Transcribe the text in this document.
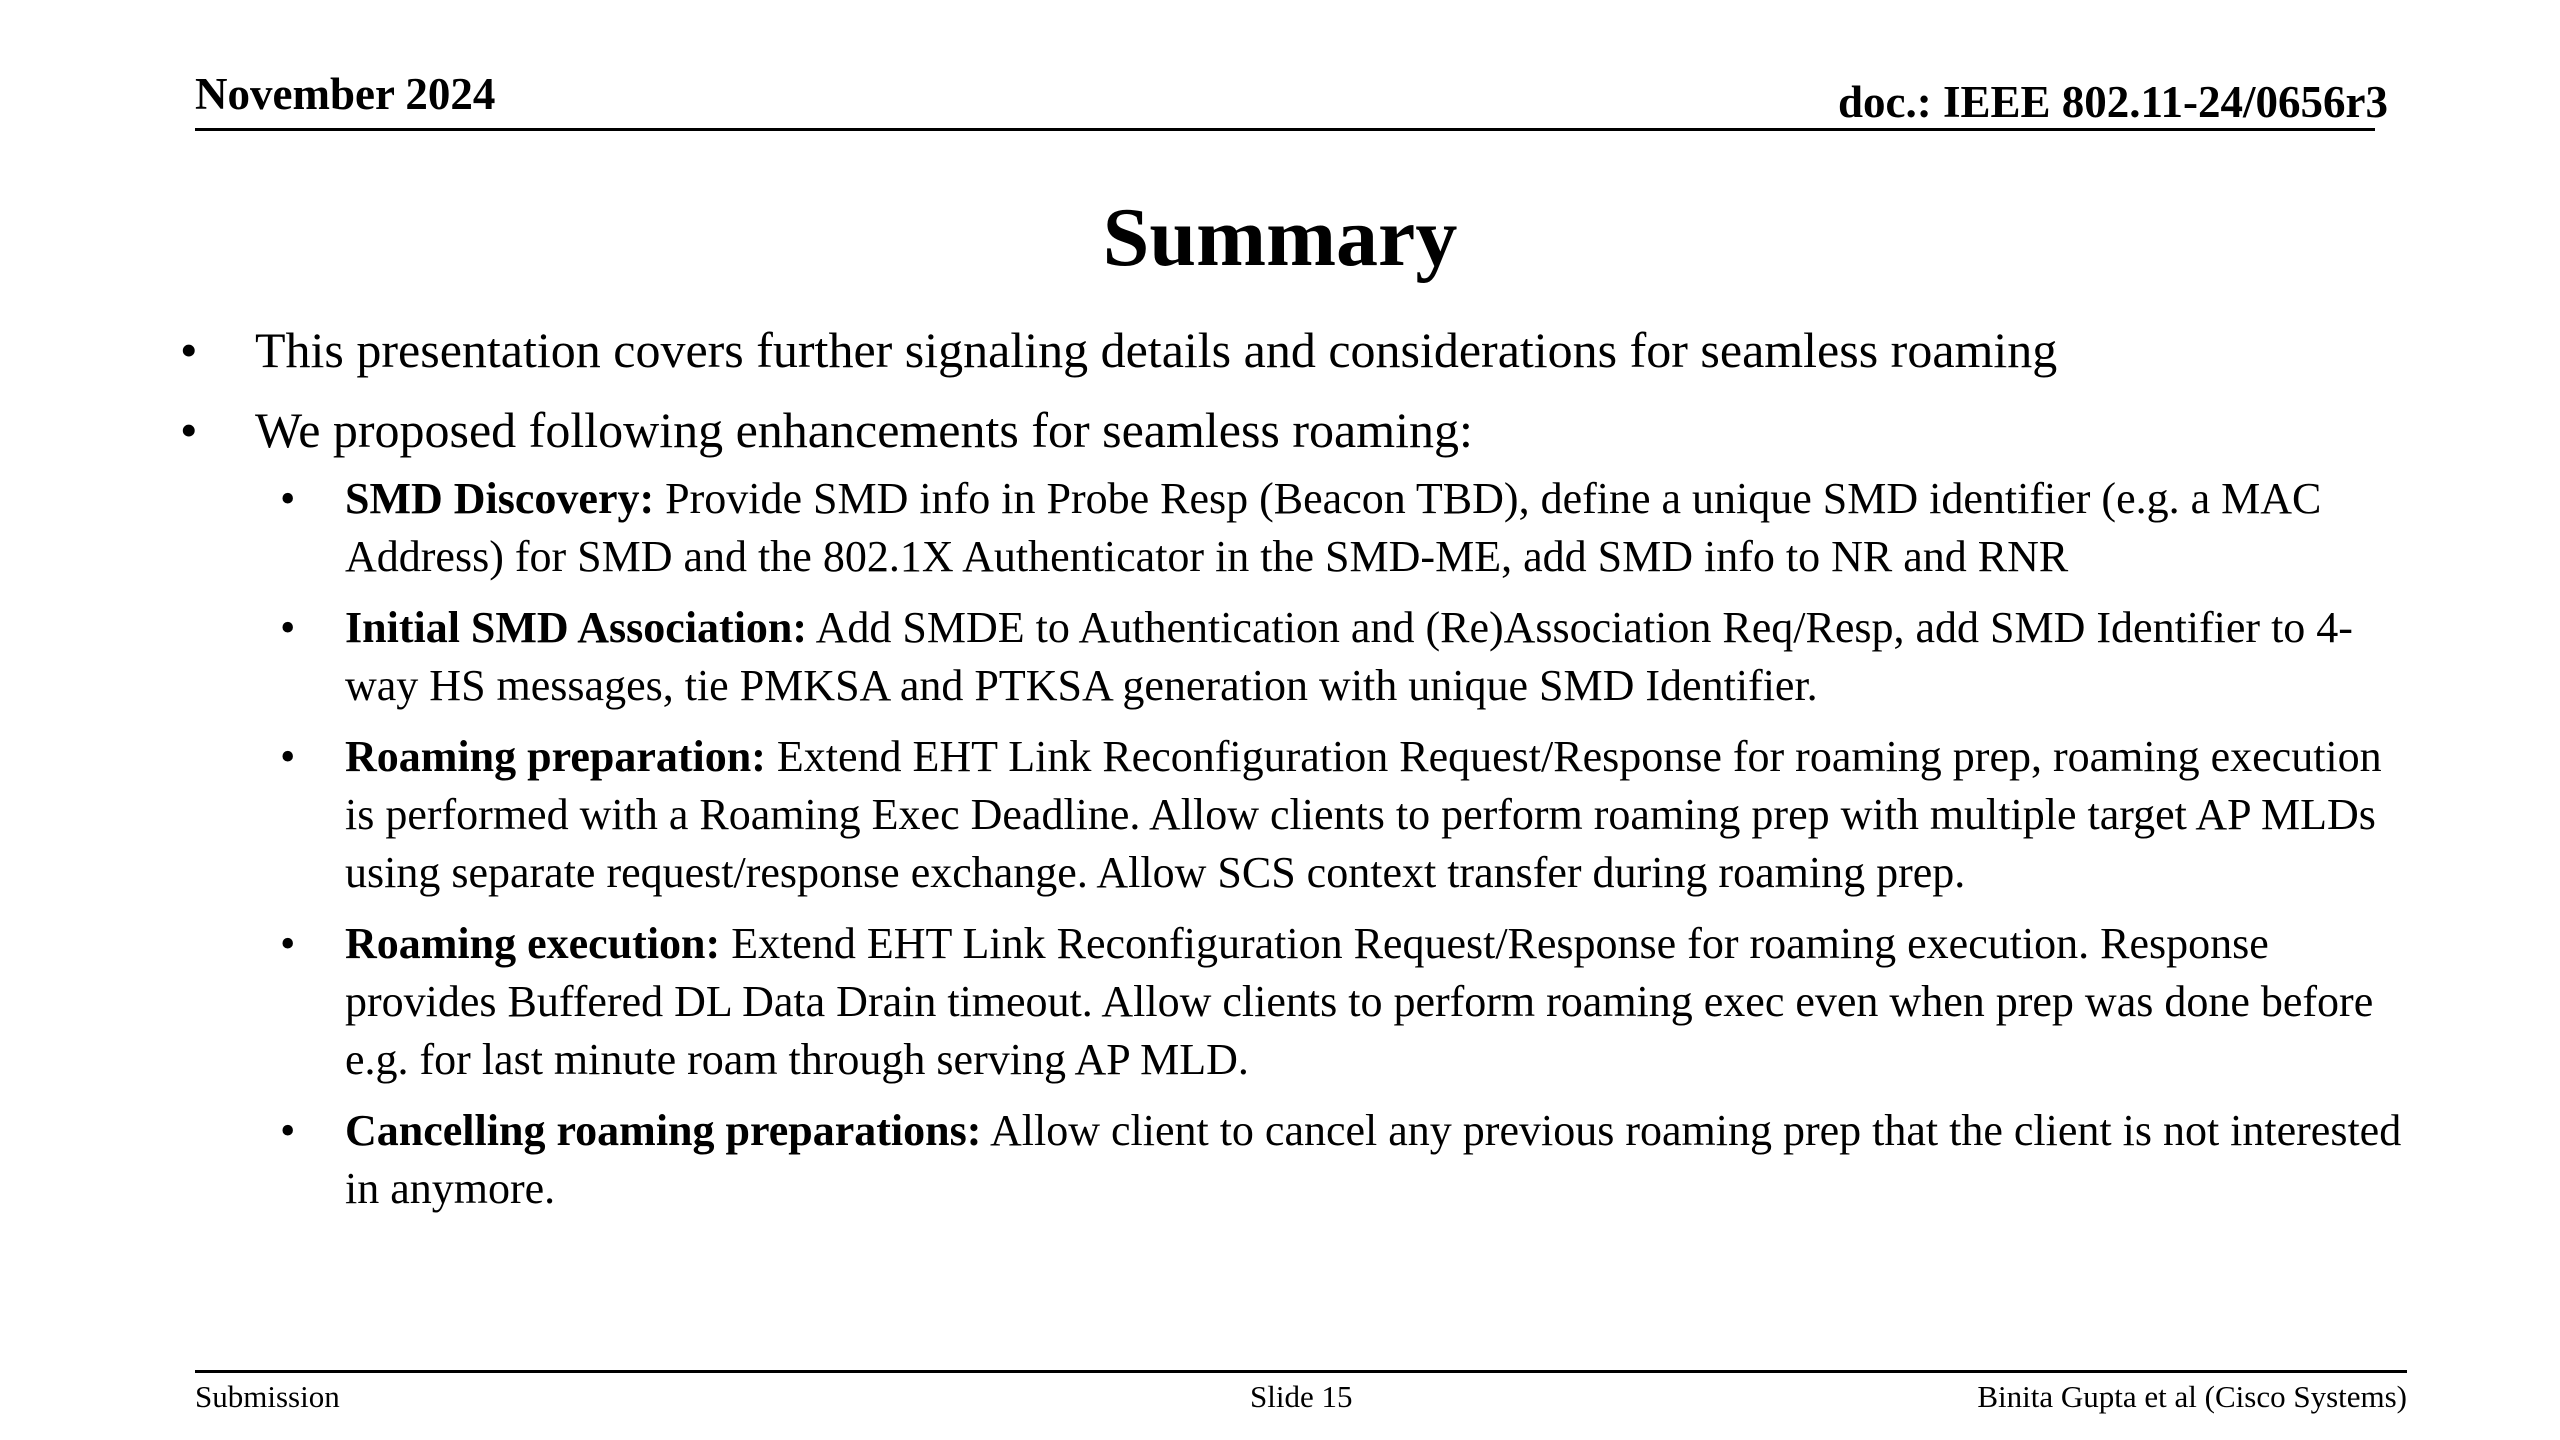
November 2024	doc.: IEEE 802.11-24/0656r3
Summary
• This presentation covers further signaling details and considerations for seamless roaming
• We proposed following enhancements for seamless roaming:
• SMD Discovery: Provide SMD info in Probe Resp (Beacon TBD), define a unique SMD identifier (e.g. a MAC Address) for SMD and the 802.1X Authenticator in the SMD-ME, add SMD info to NR and RNR
• Initial SMD Association: Add SMDE to Authentication and (Re)Association Req/Resp, add SMD Identifier to 4-way HS messages, tie PMKSA and PTKSA generation with unique SMD Identifier.
• Roaming preparation: Extend EHT Link Reconfiguration Request/Response for roaming prep, roaming execution is performed with a Roaming Exec Deadline. Allow clients to perform roaming prep with multiple target AP MLDs using separate request/response exchange. Allow SCS context transfer during roaming prep.
• Roaming execution: Extend EHT Link Reconfiguration Request/Response for roaming execution. Response provides Buffered DL Data Drain timeout. Allow clients to perform roaming exec even when prep was done before e.g. for last minute roam through serving AP MLD.
• Cancelling roaming preparations: Allow client to cancel any previous roaming prep that the client is not interested in anymore.
Submission	Slide 15	Binita Gupta et al (Cisco Systems)
